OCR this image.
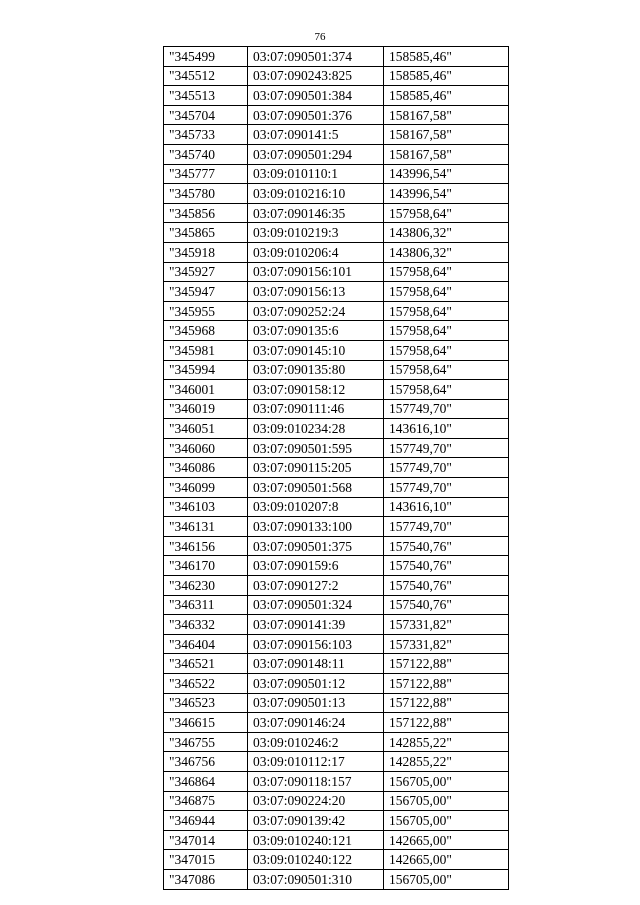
76
"345499	03:07:090501:374	158585,46"
"345512	03:07:090243:825	158585,46"
"345513	03:07:090501:384	158585,46"
"345704	03:07:090501:376	158167,58"
"345733	03:07:090141:5	158167,58"
"345740	03:07:090501:294	158167,58"
"345777	03:09:010110:1	143996,54"
"345780	03:09:010216:10	143996,54"
"345856	03:07:090146:35	157958,64"
"345865	03:09:010219:3	143806,32"
"345918	03:09:010206:4	143806,32"
"345927	03:07:090156:101	157958,64"
"345947	03:07:090156:13	157958,64"
"345955	03:07:090252:24	157958,64"
"345968	03:07:090135:6	157958,64"
"345981	03:07:090145:10	157958,64"
"345994	03:07:090135:80	157958,64"
"346001	03:07:090158:12	157958,64"
"346019	03:07:090111:46	157749,70"
"346051	03:09:010234:28	143616,10"
"346060	03:07:090501:595	157749,70"
"346086	03:07:090115:205	157749,70"
"346099	03:07:090501:568	157749,70"
"346103	03:09:010207:8	143616,10"
"346131	03:07:090133:100	157749,70"
"346156	03:07:090501:375	157540,76"
"346170	03:07:090159:6	157540,76"
"346230	03:07:090127:2	157540,76"
"346311	03:07:090501:324	157540,76"
"346332	03:07:090141:39	157331,82"
"346404	03:07:090156:103	157331,82"
"346521	03:07:090148:11	157122,88"
"346522	03:07:090501:12	157122,88"
"346523	03:07:090501:13	157122,88"
"346615	03:07:090146:24	157122,88"
"346755	03:09:010246:2	142855,22"
"346756	03:09:010112:17	142855,22"
"346864	03:07:090118:157	156705,00"
"346875	03:07:090224:20	156705,00"
"346944	03:07:090139:42	156705,00"
"347014	03:09:010240:121	142665,00"
"347015	03:09:010240:122	142665,00"
"347086	03:07:090501:310	156705,00"
